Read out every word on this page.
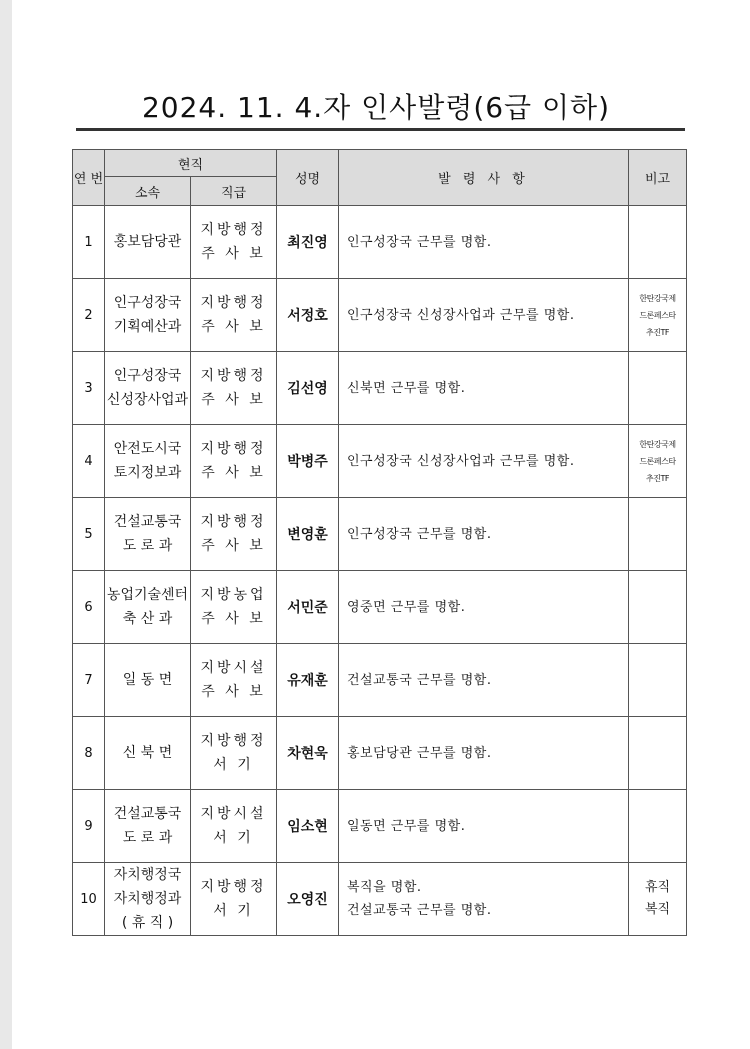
2024. 11. 4.자 인사발령(6급 이하)
연 번	현직		성명	발 령 사 항	비고
	소속	직급			
1	홍보담당관	지방행정
주 사 보	최진영	인구성장국 근무를 명함.	

2	인구성장국
기획예산과	지방행정
주 사 보	서정호	인구성장국 신성장사업과 근무를 명함.	한탄강국제
드론페스타
추진TF

3	인구성장국
신성장사업과	지방행정
주 사 보	김선영	신북면 근무를 명함.	

4	안전도시국
토지정보과	지방행정
주 사 보	박병주	인구성장국 신성장사업과 근무를 명함.	한탄강국제
드론페스타
추진TF

5	건설교통국
도 로 과	지방행정
주 사 보	변영훈	인구성장국 근무를 명함.	

6	농업기술센터
축 산 과	지방농업
주 사 보	서민준	영중면 근무를 명함.	

7	일 동 면	지방시설
주 사 보	유재훈	건설교통국 근무를 명함.	

8	신 북 면	지방행정
서 기	차현욱	홍보담당관 근무를 명함.	

9	건설교통국
도 로 과	지방시설
서 기	임소현	일동면 근무를 명함.	

10	자치행정국
자치행정과
( 휴 직 )	지방행정
서 기	오영진	복직을 명함.
건설교통국 근무를 명함.	휴직
복직
